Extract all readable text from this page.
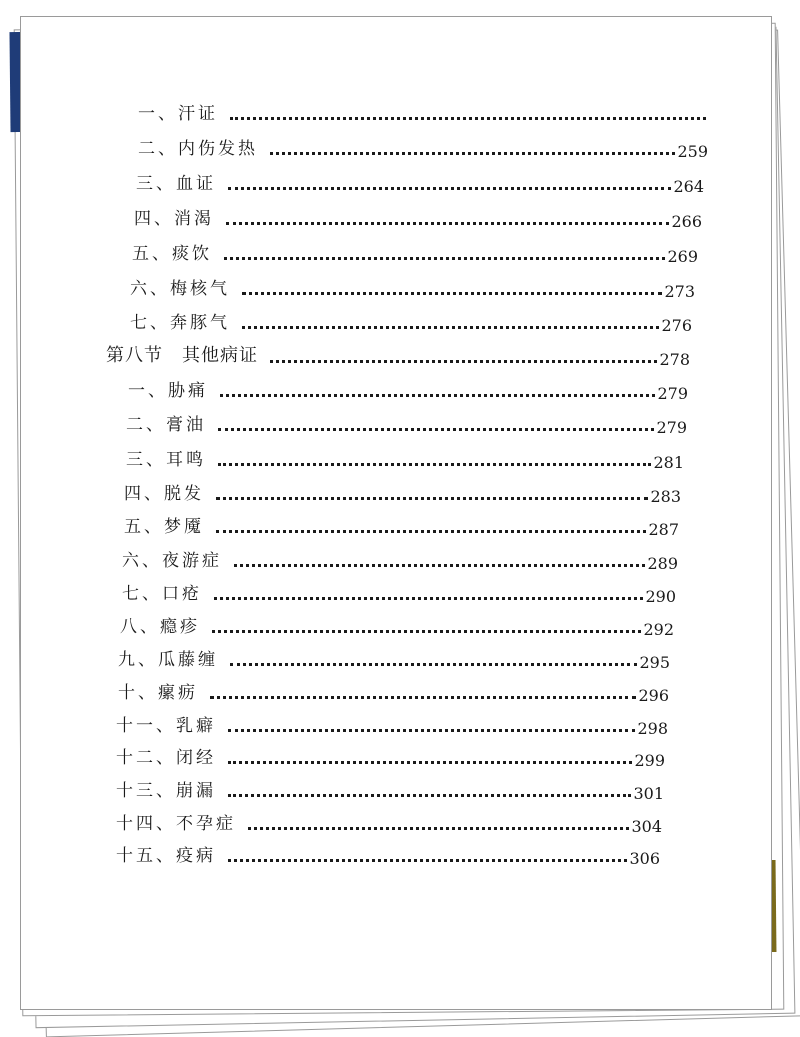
一、汗证
二、内伤发热	259
三、血证	264
四、消渴	266
五、痰饮	269
六、梅核气	273
七、奔豚气	276
第八节　其他病证	278
一、胁痛	279
二、膏油	279
三、耳鸣	281
四、脱发	283
五、梦魇	287
六、夜游症	289
七、口疮	290
八、瘾疹	292
九、瓜藤缠	295
十、瘰疬	296
十一、乳癖	298
十二、闭经	299
十三、崩漏	301
十四、不孕症	304
十五、疫病	306
